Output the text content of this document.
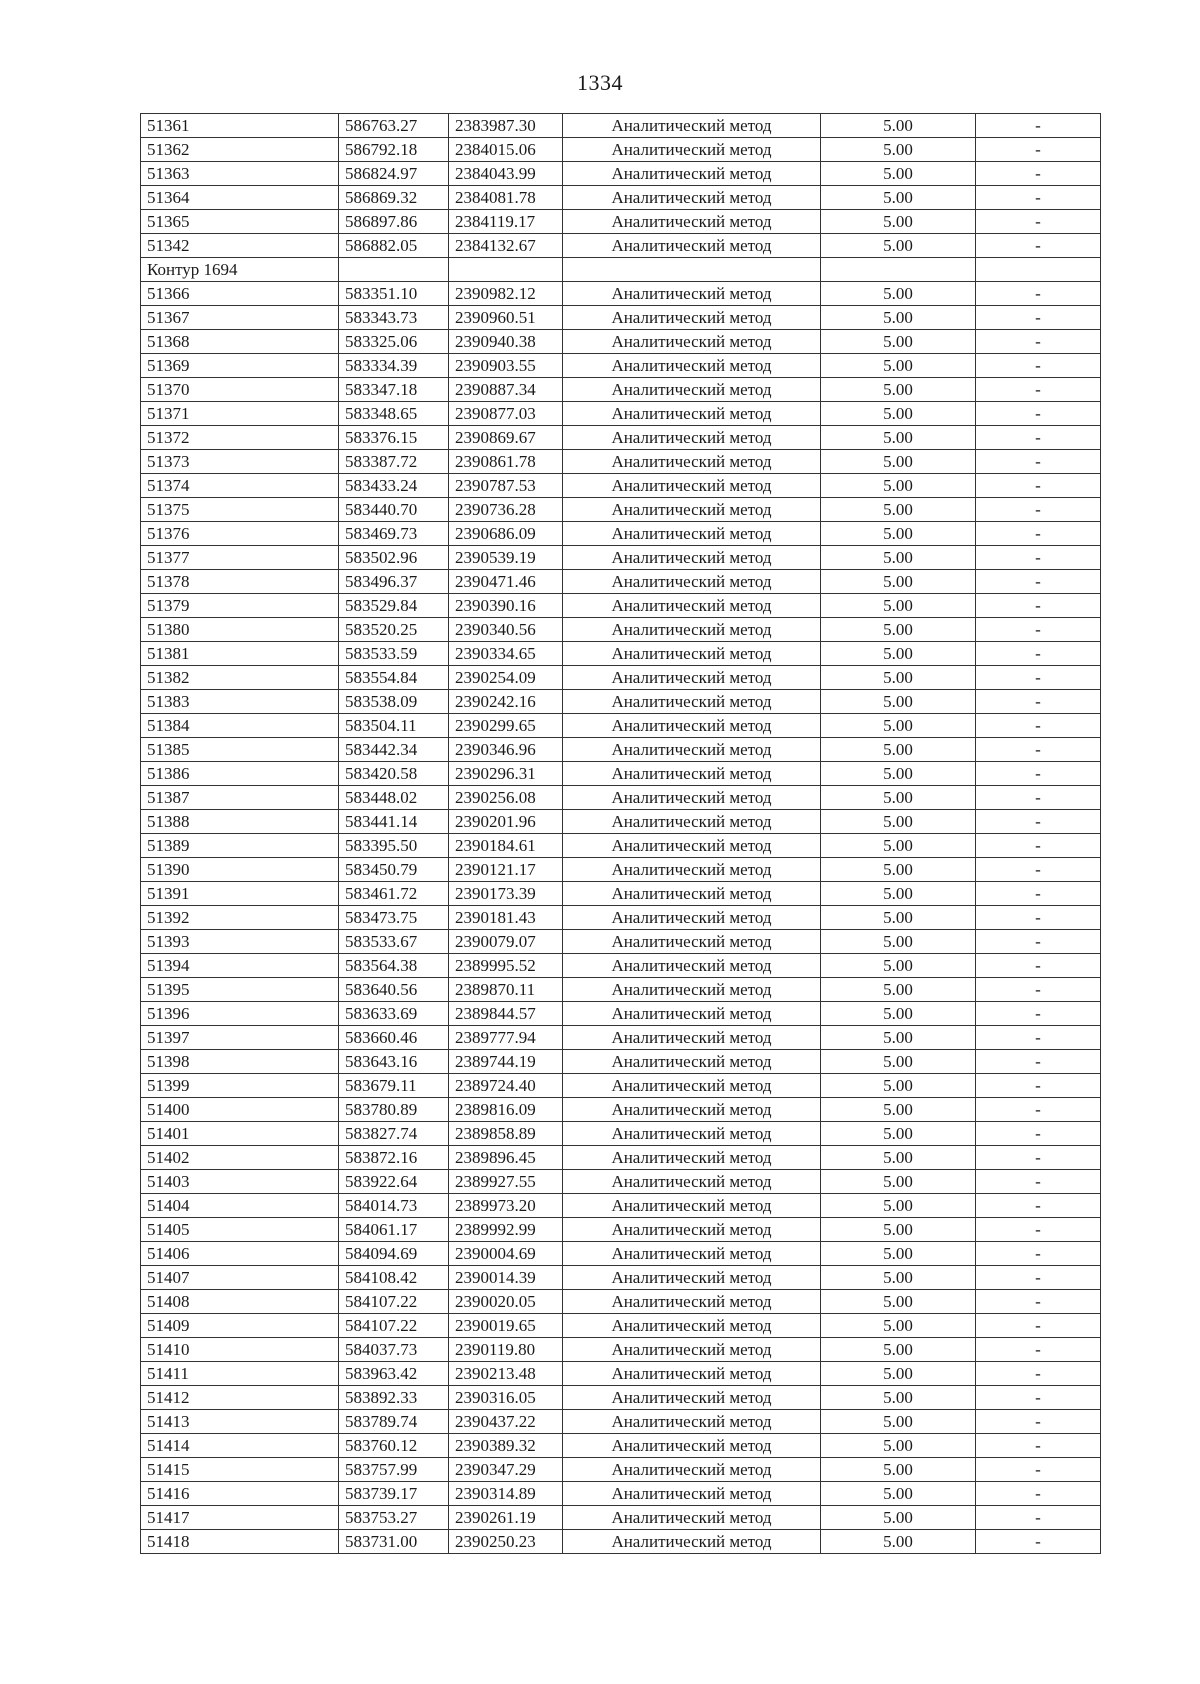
1334
51361	586763.27	2383987.30	Аналитический метод	5.00	-
51362	586792.18	2384015.06	Аналитический метод	5.00	-
51363	586824.97	2384043.99	Аналитический метод	5.00	-
51364	586869.32	2384081.78	Аналитический метод	5.00	-
51365	586897.86	2384119.17	Аналитический метод	5.00	-
51342	586882.05	2384132.67	Аналитический метод	5.00	-
Контур 1694					
51366	583351.10	2390982.12	Аналитический метод	5.00	-
51367	583343.73	2390960.51	Аналитический метод	5.00	-
51368	583325.06	2390940.38	Аналитический метод	5.00	-
51369	583334.39	2390903.55	Аналитический метод	5.00	-
51370	583347.18	2390887.34	Аналитический метод	5.00	-
51371	583348.65	2390877.03	Аналитический метод	5.00	-
51372	583376.15	2390869.67	Аналитический метод	5.00	-
51373	583387.72	2390861.78	Аналитический метод	5.00	-
51374	583433.24	2390787.53	Аналитический метод	5.00	-
51375	583440.70	2390736.28	Аналитический метод	5.00	-
51376	583469.73	2390686.09	Аналитический метод	5.00	-
51377	583502.96	2390539.19	Аналитический метод	5.00	-
51378	583496.37	2390471.46	Аналитический метод	5.00	-
51379	583529.84	2390390.16	Аналитический метод	5.00	-
51380	583520.25	2390340.56	Аналитический метод	5.00	-
51381	583533.59	2390334.65	Аналитический метод	5.00	-
51382	583554.84	2390254.09	Аналитический метод	5.00	-
51383	583538.09	2390242.16	Аналитический метод	5.00	-
51384	583504.11	2390299.65	Аналитический метод	5.00	-
51385	583442.34	2390346.96	Аналитический метод	5.00	-
51386	583420.58	2390296.31	Аналитический метод	5.00	-
51387	583448.02	2390256.08	Аналитический метод	5.00	-
51388	583441.14	2390201.96	Аналитический метод	5.00	-
51389	583395.50	2390184.61	Аналитический метод	5.00	-
51390	583450.79	2390121.17	Аналитический метод	5.00	-
51391	583461.72	2390173.39	Аналитический метод	5.00	-
51392	583473.75	2390181.43	Аналитический метод	5.00	-
51393	583533.67	2390079.07	Аналитический метод	5.00	-
51394	583564.38	2389995.52	Аналитический метод	5.00	-
51395	583640.56	2389870.11	Аналитический метод	5.00	-
51396	583633.69	2389844.57	Аналитический метод	5.00	-
51397	583660.46	2389777.94	Аналитический метод	5.00	-
51398	583643.16	2389744.19	Аналитический метод	5.00	-
51399	583679.11	2389724.40	Аналитический метод	5.00	-
51400	583780.89	2389816.09	Аналитический метод	5.00	-
51401	583827.74	2389858.89	Аналитический метод	5.00	-
51402	583872.16	2389896.45	Аналитический метод	5.00	-
51403	583922.64	2389927.55	Аналитический метод	5.00	-
51404	584014.73	2389973.20	Аналитический метод	5.00	-
51405	584061.17	2389992.99	Аналитический метод	5.00	-
51406	584094.69	2390004.69	Аналитический метод	5.00	-
51407	584108.42	2390014.39	Аналитический метод	5.00	-
51408	584107.22	2390020.05	Аналитический метод	5.00	-
51409	584107.22	2390019.65	Аналитический метод	5.00	-
51410	584037.73	2390119.80	Аналитический метод	5.00	-
51411	583963.42	2390213.48	Аналитический метод	5.00	-
51412	583892.33	2390316.05	Аналитический метод	5.00	-
51413	583789.74	2390437.22	Аналитический метод	5.00	-
51414	583760.12	2390389.32	Аналитический метод	5.00	-
51415	583757.99	2390347.29	Аналитический метод	5.00	-
51416	583739.17	2390314.89	Аналитический метод	5.00	-
51417	583753.27	2390261.19	Аналитический метод	5.00	-
51418	583731.00	2390250.23	Аналитический метод	5.00	-
